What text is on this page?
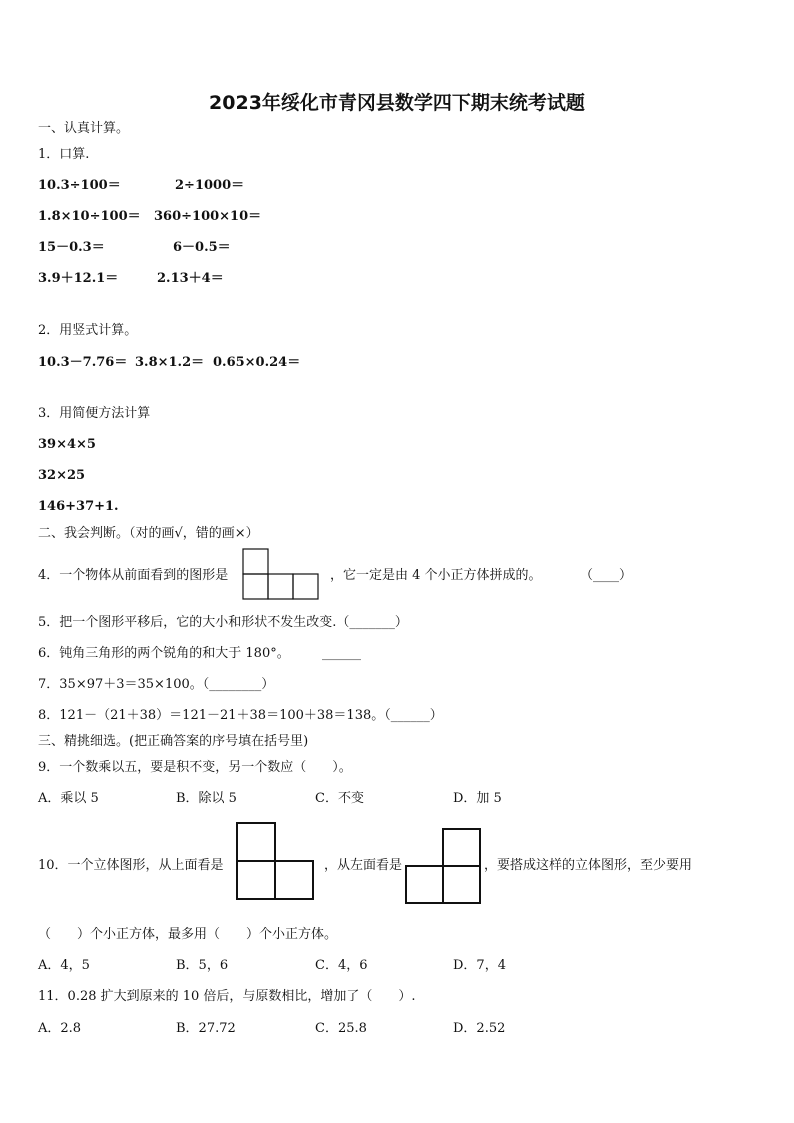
2023年绥化市青冈县数学四下期末统考试题
一、认真计算。
1．口算.
10.3÷100＝	2÷1000＝
1.8×10÷100＝ 360÷100×10＝
15－0.3＝	6－0.5＝
3.9＋12.1＝	2.13＋4＝
2．用竖式计算。
10.3－7.76＝ 3.8×1.2＝ 0.65×0.24＝
3．用简便方法计算
39×4×5
32×25
146+37+1.
二、我会判断。（对的画√，错的画×）
4．一个物体从前面看到的图形是	，它一定是由 4 个小正方体拼成的。	（____）
5．把一个图形平移后，它的大小和形状不发生改变.（_______）
6．钝角三角形的两个锐角的和大于 180°。 ______
7．35×97＋3＝35×100。（________）
8．121－（21＋38）＝121－21＋38＝100＋38＝138。（______）
三、精挑细选。(把正确答案的序号填在括号里)
9．一个数乘以五，要是积不变，另一个数应（　　）。
A．乘以 5	B．除以 5	C．不变	D．加 5
10．一个立体图形，从上面看是	，从左面看是	，要搭成这样的立体图形，至少要用
（　　）个小正方体，最多用（　　）个小正方体。
A．4，5	B．5，6	C．4，6	D．7，4
11．0.28 扩大到原来的 10 倍后，与原数相比，增加了（　　）.
A．2.8	B．27.72	C．25.8	D．2.52
